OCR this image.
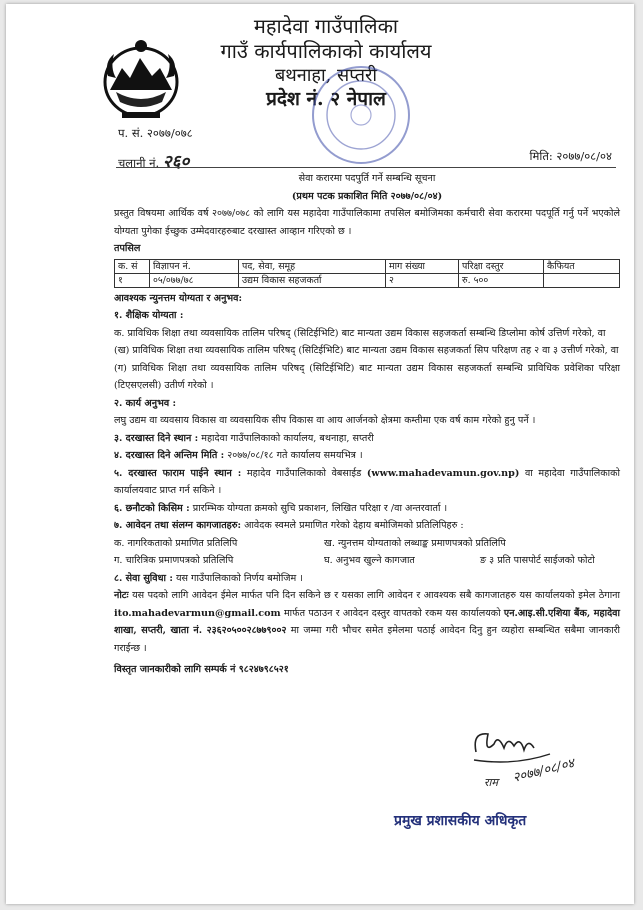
महादेवा गाउँपालिका
गाउँ कार्यपालिकाको कार्यालय
बथनाहा, सप्तरी
प्रदेश नं. २ नेपाल
प. सं. २०७७/०७८
चलानी नं. २६०	मिति: २०७७/०८/०४
सेवा करारमा पदपुर्ति गर्ने सम्बन्धि सूचना
(प्रथम पटक प्रकाशित मिति २०७७/०८/०४)
प्रस्तुत विषयमा आर्थिक वर्ष २०७७/०७८ को लागि यस महादेवा गाउँपालिकामा तपसिल बमोजिमका कर्मचारी सेवा करारमा पदपूर्ति गर्नु पर्ने भएकोले योग्यता पुगेका ईच्छुक उम्मेदवारहरुबाट दरखास्त आव्हान गरिएको छ ।
तपसिल
क. सं	विज्ञापन नं.	पद, सेवा, समूह	माग संख्या	परिक्षा दस्तुर	कैफियत
१	०५/०७७/७८	उद्यम विकास सहजकर्ता	२	रु. ५००	
आवश्यक न्युनत्तम योग्यता र अनुभव:
१. शैक्षिक योग्यता :
क. प्राविधिक शिक्षा तथा व्यवसायिक तालिम परिषद् (सिटिईभिटि) बाट मान्यता उद्यम विकास सहजकर्ता सम्बन्धि डिप्लोमा कोर्ष उत्तिर्ण गरेको, वा
(ख) प्राविधिक शिक्षा तथा व्यवसायिक तालिम परिषद् (सिटिईभिटि) बाट मान्यता उद्यम विकास सहजकर्ता सिप परिक्षण तह २ वा ३ उत्तीर्ण गरेको, वा
(ग) प्राविधिक शिक्षा तथा व्यवसायिक तालिम परिषद् (सिटिईभिटि) बाट मान्यता उद्यम विकास सहजकर्ता सम्बन्धि प्राविधिक प्रवेशिका परिक्षा (टिएसएलसी) उतीर्ण गरेको ।
२. कार्य अनुभव :
लघु उद्यम वा व्यवसाय विकास वा व्यवसायिक सीप विकास वा आय आर्जनको क्षेत्रमा कम्तीमा एक वर्ष काम गरेको हुनु पर्ने ।
३. दरखास्त दिने स्थान : महादेवा गाउँपालिकाको कार्यालय, बथनाहा, सप्तरी
४. दरखास्त दिने अन्तिम मिति : २०७७/०८/१८ गते कार्यालय समयभित्र ।
५. दरखास्त फाराम पाईने स्थान : महादेव गाउँपालिकाको वेबसाईड (www.mahadevamun.gov.np) वा महादेवा गाउँपालिकाको कार्यालयवाट प्राप्त गर्न सकिने ।
६. छनौटको किसिम : प्रारम्भिक योग्यता क्रमको सुचि प्रकाशन, लिखित परिक्षा र /वा अन्तरवार्ता ।
७. आवेदन तथा संलग्न कागजातहरु: आवेदक स्वमले प्रमाणित गरेको देहाय बमोजिमको प्रतिलिपिहरु :
क. नागरिकताको प्रमाणित प्रतिलिपि	ख. न्युनत्तम योग्यताको लब्धाङ्क प्रमाणपत्रको प्रतिलिपि
ग. चारित्रिक प्रमाणपत्रको प्रतिलिपि	घ. अनुभव खुल्ने कागजात	ङ ३ प्रति पासपोर्ट साईजको फोटो
८. सेवा सुविधा : यस गाउँपालिकाको निर्णय बमोजिम ।
नोटः यस पदको लागि आवेदन ईमेल मार्फत पनि दिन सकिने छ र यसका लागि आवेदन र आवश्यक सबै कागजातहरु यस कार्यालयको इमेल ठेगाना ito.mahadevarmun@gmail.com मार्फत पठाउन र आवेदन दस्तुर वापतको रकम यस कार्यालयको एन.आइ.सी.एशिया बैंक, महादेवा शाखा, सप्तरी, खाता नं. २३६२०५००२८७७९००२ मा जम्मा गरी भौचर समेत इमेलमा पठाई आवेदन दिनु हुन व्यहोरा सम्बन्धित सबैमा जानकारी गराईन्छ ।
विस्तृत जानकारीको लागि सम्पर्क नं ९८२४७९८५२१
राम २०७७/०८/०४
प्रमुख प्रशासकीय अधिकृत
